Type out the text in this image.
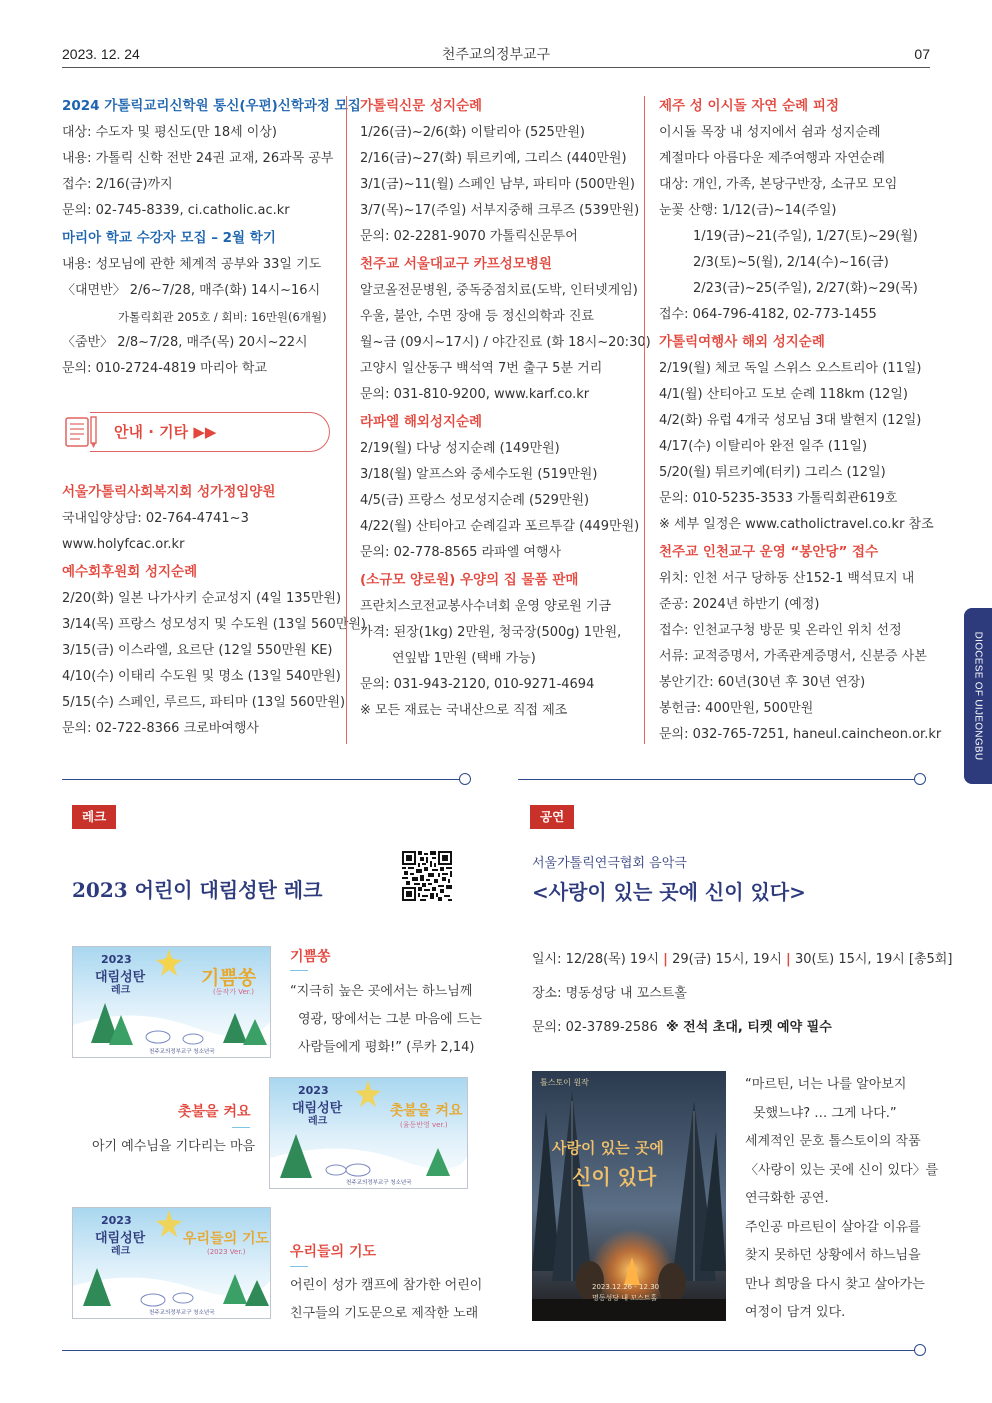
2023. 12. 24	천주교의정부교구	07
2024 가톨릭교리신학원 통신(우편)신학과정 모집
대상: 수도자 및 평신도(만 18세 이상)
내용: 가톨릭 신학 전반 24권 교재, 26과목 공부
접수: 2/16(금)까지
문의: 02-745-8339, ci.catholic.ac.kr
마리아 학교 수강자 모집 – 2월 학기
내용: 성모님에 관한 체계적 공부와 33일 기도
〈대면반〉 2/6~7/28, 매주(화) 14시~16시
가톨릭회관 205호 / 회비: 16만원(6개월)
〈줌반〉 2/8~7/28, 매주(목) 20시~22시
문의: 010-2724-4819 마리아 학교
안내 · 기타 ▶▶
서울가톨릭사회복지회 성가정입양원
국내입양상담: 02-764-4741~3
www.holyfcac.or.kr
예수회후원회 성지순례
2/20(화) 일본 나가사키 순교성지 (4일 135만원)
3/14(목) 프랑스 성모성지 및 수도원 (13일 560만원)
3/15(금) 이스라엘, 요르단 (12일 550만원 KE)
4/10(수) 이태리 수도원 및 명소 (13일 540만원)
5/15(수) 스페인, 루르드, 파티마 (13일 560만원)
문의: 02-722-8366 크로바여행사
가톨릭신문 성지순례
1/26(금)~2/6(화) 이탈리아 (525만원)
2/16(금)~27(화) 튀르키예, 그리스 (440만원)
3/1(금)~11(월) 스페인 남부, 파티마 (500만원)
3/7(목)~17(주일) 서부지중해 크루즈 (539만원)
문의: 02-2281-9070 가톨릭신문투어
천주교 서울대교구 카프성모병원
알코올전문병원, 중독중점치료(도박, 인터넷게임)
우울, 불안, 수면 장애 등 정신의학과 진료
월~금 (09시~17시) / 야간진료 (화 18시~20:30)
고양시 일산동구 백석역 7번 출구 5분 거리
문의: 031-810-9200, www.karf.co.kr
라파엘 해외성지순례
2/19(월) 다낭 성지순례 (149만원)
3/18(월) 알프스와 중세수도원 (519만원)
4/5(금) 프랑스 성모성지순례 (529만원)
4/22(월) 산티아고 순례길과 포르투갈 (449만원)
문의: 02-778-8565 라파엘 여행사
(소규모 양로원) 우양의 집 물품 판매
프란치스코전교봉사수녀회 운영 양로원 기금
가격: 된장(1kg) 2만원, 청국장(500g) 1만원,
연잎밥 1만원 (택배 가능)
문의: 031-943-2120, 010-9271-4694
※ 모든 재료는 국내산으로 직접 제조
제주 성 이시돌 자연 순례 피정
이시돌 목장 내 성지에서 쉼과 성지순례
계절마다 아름다운 제주여행과 자연순례
대상: 개인, 가족, 본당구반장, 소규모 모임
눈꽃 산행: 1/12(금)~14(주일)
1/19(금)~21(주일), 1/27(토)~29(월)
2/3(토)~5(월), 2/14(수)~16(금)
2/23(금)~25(주일), 2/27(화)~29(목)
접수: 064-796-4182, 02-773-1455
가톨릭여행사 해외 성지순례
2/19(월) 체코 독일 스위스 오스트리아 (11일)
4/1(월) 산티아고 도보 순례 118km (12일)
4/2(화) 유럽 4개국 성모님 3대 발현지 (12일)
4/17(수) 이탈리아 완전 일주 (11일)
5/20(월) 튀르키예(터키) 그리스 (12일)
문의: 010-5235-3533 가톨릭회관619호
※ 세부 일정은 www.catholictravel.co.kr 참조
천주교 인천교구 운영 “봉안당” 접수
위치: 인천 서구 당하동 산152-1 백석묘지 내
준공: 2024년 하반기 (예정)
접수: 인천교구청 방문 및 온라인 위치 선정
서류: 교적증명서, 가족관계증명서, 신분증 사본
봉안기간: 60년(30년 후 30년 연장)
봉헌금: 400만원, 500만원
문의: 032-765-7251, haneul.caincheon.or.kr	DIOCESE OF UIJEONGBU
레크
2023 어린이 대림성탄 레크
2023
대림성탄
레크
기쁨쏭
(동작가 Ver.)
천주교의정부교구 청소년국
기쁨쏭
“지극히 높은 곳에서는 하느님께
영광, 땅에서는 그분 마음에 드는
사람들에게 평화!” (루카 2,14)
촛불을 켜요
아기 예수님을 기다리는 마음
2023
대림성탄
레크
촛불을 켜요
(율동반영 ver.)
천주교의정부교구 청소년국
2023
대림성탄
레크
우리들의 기도
(2023 Ver.)
천주교의정부교구 청소년국
우리들의 기도
어린이 성가 캠프에 참가한 어린이
친구들의 기도문으로 제작한 노래
공연
서울가톨릭연극협회 음악극
<사랑이 있는 곳에 신이 있다>
일시: 12/28(목) 19시 | 29(금) 15시, 19시 | 30(토) 15시, 19시 [총5회]
장소: 명동성당 내 꼬스트홀
문의: 02-3789-2586 ※ 전석 초대, 티켓 예약 필수
톨스토이 원작
사랑이 있는 곳에
신이 있다
2023.12.26 - 12.30
명동성당 내 꼬스트홀
“마르틴, 너는 나를 알아보지
못했느냐? … 그게 나다.”
세계적인 문호 톨스토이의 작품
〈사랑이 있는 곳에 신이 있다〉를
연극화한 공연.
주인공 마르틴이 살아갈 이유를
찾지 못하던 상황에서 하느님을
만나 희망을 다시 찾고 살아가는
여정이 담겨 있다.
